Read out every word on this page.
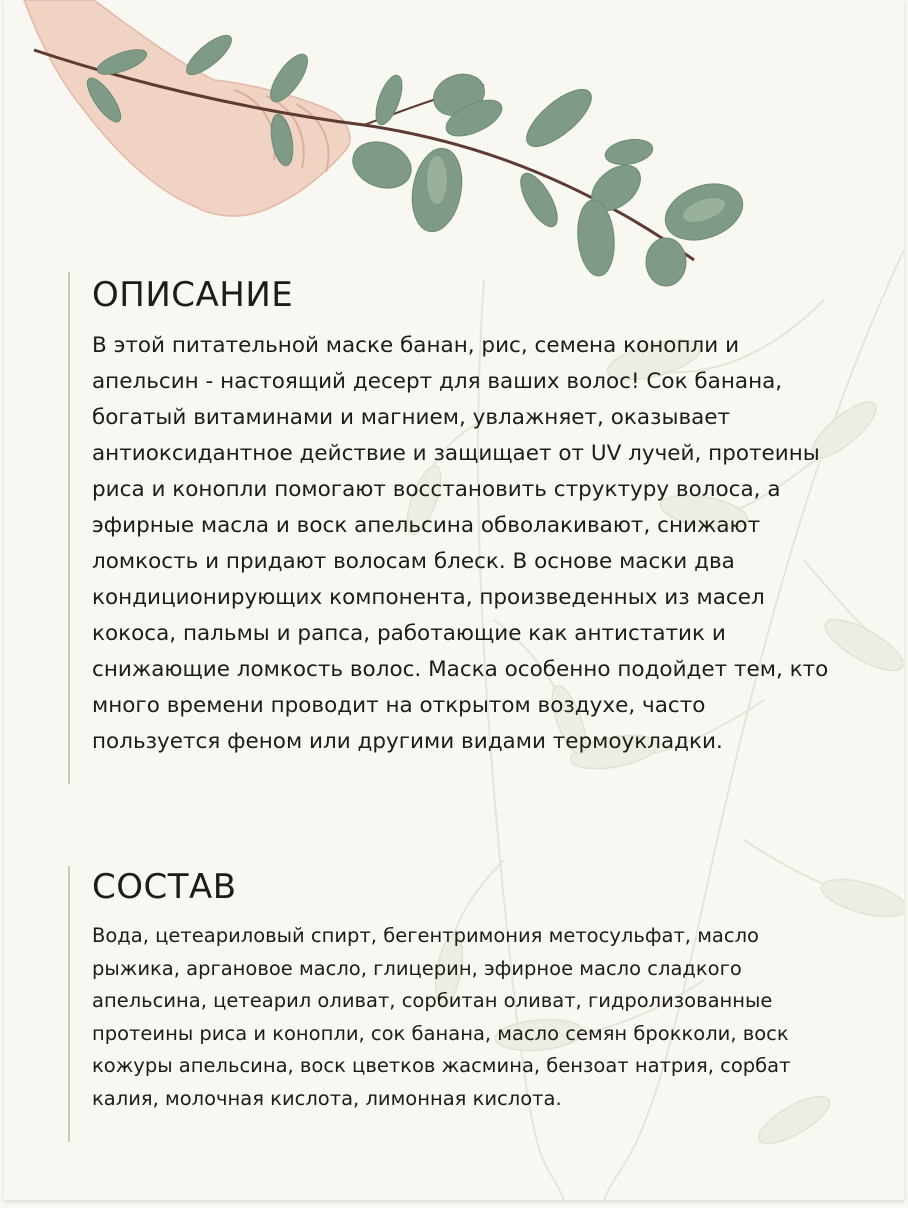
ОПИСАНИЕ

В этой питательной маске банан, рис, семена конопли и апельсин - настоящий десерт для ваших волос! Сок банана, богатый витаминами и магнием, увлажняет, оказывает антиоксидантное действие и защищает от UV лучей, протеины риса и конопли помогают восстановить структуру волоса, а эфирные масла и воск апельсина обволакивают, снижают ломкость и придают волосам блеск. В основе маски два кондиционирующих компонента, произведенных из масел кокоса, пальмы и рапса, работающие как антистатик и снижающие ломкость волос. Маска особенно подойдет тем, кто много времени проводит на открытом воздухе, часто пользуется феном или другими видами термоукладки.

СОСТАВ

Вода, цетеариловый спирт, бегентримония метосульфат, масло рыжика, аргановое масло, глицерин, эфирное масло сладкого апельсина, цетеарил оливат, сорбитан оливат, гидролизованные протеины риса и конопли, сок банана, масло семян брокколи, воск кожуры апельсина, воск цветков жасмина, бензоат натрия, сорбат калия, молочная кислота, лимонная кислота.
